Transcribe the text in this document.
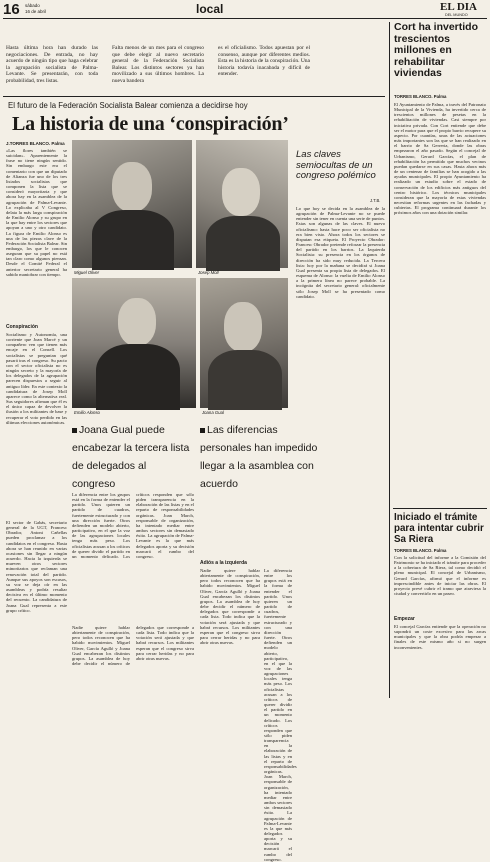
16 sábado
16 de abril	local	EL DIA
DEL MUNDO
Hasta última hora han durado las negociaciones. De entrada, no hay acuerdo de ningún tipo que haga celebrar la agrupación socialista de Palma-Levante. Se presentarán, con toda probabilidad, tres listas.
Falta menos de un mes para el congreso que debe elegir al nuevo secretario general de la Federación Socialista Balear. Los distintos sectores ya han movilizado a sus últimos hombres. La nueva bandera
es el oficialismo. Todos apuestan por el consenso, aunque por diferentes medios. Esta es la historia de la conspiración. Una historia todavía inacabada y difícil de entender.
El futuro de la Federación Socialista Balear comienza a decidirse hoy
La historia de una ‘conspiración’
J.TORRES BLANCO. Palma
«Las flores también se suicidan». Aparentemente la frase no tiene ningún sentido. Sin embargo este era el comentario con que un diputado de Alianza fue uno de los tres lisiados socialistas que componen la lista que se consideró mayoritaria y que ahora hay en la asamblea de la agrupación de Palma-Levante. Lo explicaba al V Congreso, delata la más larga conspiración de Emilio Alonso y su grupo en la que hay entre los sectores que apoyan a uno y otro candidato. La figura de Emilio Alonso es una de las piezas clave de la Federación Socialista Balear. Sin embargo, los que le conocen aseguran que su papel no está tan claro como algunos piensan. Desde el Comité Federal el anterior secretario general ha sabido maniobrar con tiempo.
Conspiración
Socialismo y Autonomía, una corriente que Joan Marcé y un compañero ven que tienen más encaje en el Consell. Los socialistas se preguntan qué pasará tras el congreso. Su pacto con el sector oficialista no es ningún secreto y la mayoría de los delegados de la agrupación parecen dispuestos a seguir al antiguo líder. En este contexto la candidatura de Josep Moll aparece como la alternativa real. Sus seguidores afirman que él es el único capaz de devolver la ilusión a los militantes de base y recuperar el voto perdido en las últimas elecciones autonómicas.
El sector de Gabás, secretario general de la UGT, Francesc Obrador, Antoni Cañellas pueden proclamar a los candidatos en el congreso. Hasta ahora se han reunido en varias ocasiones sin llegar a ningún acuerdo. Hacia la izquierda se mueven otros sectores minoritarios que reclaman una renovación total del partido. Aunque sus apoyos son escasos, su voz se deja oír en las asambleas y podría resultar decisiva en el último momento del recuento. La candidatura de Joana Gual representa a este grupo crítico.
Miguel Oliver	Josep Moll
Emilio Alonso	Joana Gual
Joana Gual puede encabezar la tercera lista de delegados al congreso
Las diferencias personales han impedido llegar a la asamblea con acuerdo
La diferencia entre los grupos está en la forma de entender el partido. Unos quieren un partido de cuadros, fuertemente estructurado y con una dirección fuerte. Otros defienden un modelo abierto, participativo, en el que la voz de las agrupaciones locales tenga más peso. Los oficialistas acusan a los críticos de querer dividir el partido en un momento delicado. Los críticos responden que sólo piden transparencia en la elaboración de las listas y en el reparto de responsabilidades orgánicas. Joan March, responsable de organización, ha intentado mediar entre ambos sectores sin demasiado éxito. La agrupación de Palma-Levante es la que más delegados aporta y su decisión marcará el rumbo del congreso.
Adiós a la izquierda
Nadie quiere hablar abiertamente de conspiración, pero todos reconocen que ha habido movimientos. Miguel Oliver, García Agulló y Joana Gual encabezan los distintos grupos. La asamblea de hoy debe decidir el número de delegados que corresponde a cada lista. Todo indica que la votación será ajustada y que habrá recursos. Los militantes esperan que el congreso sirva para cerrar heridas y no para abrir otras nuevas.
Nadie quiere hablar abiertamente de conspiración, pero todos reconocen que ha habido movimientos. Miguel Oliver, García Agulló y Joana Gual encabezan los distintos grupos. La asamblea de hoy debe decidir el número de delegados que corresponde a cada lista. Todo indica que la votación será ajustada y que habrá recursos. Los militantes esperan que el congreso sirva para cerrar heridas y no para abrir otras nuevas.
Las claves semiocultas de un congreso polémico
J.T.B.
Lo que hoy se decida en la asamblea de la agrupación de Palma-Levante no se puede entender sin tener en cuenta una serie de puntos. Estas son algunas de las claves. El nuevo oficialismo: hasta hace poco ser oficialista no era bien visto. Ahora todos los sectores se disputan esa etiqueta. El Proyecto Obrador: Francesc Obrador pretende reforzar la presencia del partido en los barrios. La Izquierda Socialista: su presencia en los órganos de dirección ha sido muy reducida. La Tercera lista: hoy por la mañana se decidirá si Joana Gual presenta su propia lista de delegados. El esquema de Alonso: la vuelta de Emilio Alonso a la primera línea no parece probable. La incógnita del secretario general: oficialmente sólo Josep Moll se ha presentado como candidato.
La diferencia entre los grupos está en la forma de entender el partido. Unos quieren un partido de cuadros, fuertemente estructurado y con una dirección fuerte. Otros defienden un modelo abierto, participativo, en el que la voz de las agrupaciones locales tenga más peso. Los oficialistas acusan a los críticos de querer dividir el partido en un momento delicado. Los críticos responden que sólo piden transparencia en la elaboración de las listas y en el reparto de responsabilidades orgánicas. Joan March, responsable de organización, ha intentado mediar entre ambos sectores sin demasiado éxito. La agrupación de Palma-Levante es la que más delegados aporta y su decisión marcará el rumbo del congreso.
Cort ha invertido trescientos millones en rehabilitar viviendas
TORRES BLANCO. Palma
El Ayuntamiento de Palma, a través del Patronato Municipal de la Vivienda, ha invertido cerca de trescientos millones de pesetas en la rehabilitación de viviendas. Casi siempre por iniciativa privada. Con Cort entiende que debe ser el motor para que el propio barrio recupere su aspecto. Por cuantías, unas de las actuaciones más importantes son las que se han realizado en el barrio de Sa Gerreria, donde las obras empezaron el año pasado. Según el concejal de Urbanismo, Gerard Garcías, el plan de rehabilitación ha permitido que muchos vecinos puedan quedarse en sus casas. Hasta ahora más de un centenar de familias se han acogido a las ayudas municipales. El propio Ayuntamiento ha realizado un estudio sobre el estado de conservación de los edificios más antiguos del centro histórico. Los técnicos municipales consideran que la mayoría de estas viviendas necesitan reformas urgentes en las fachadas y cubiertas. El programa continuará durante los próximos años con una dotación similar.
Iniciado el trámite para intentar cubrir Sa Riera
TORRES BLANCO. Palma
Con la solicitud del informe a la Comisión del Patrimonio se ha iniciado el trámite para proceder a la cobertura de Sa Riera, tal como decidió el pleno municipal. El concejal de Urbanismo, Gerard Garcías, afirmó que el informe es imprescindible antes de iniciar las obras. El proyecto prevé cubrir el tramo que atraviesa la ciudad y convertirlo en un paseo.
Empezar
El concejal Garcías entiende que la operación no supondrá un coste excesivo para las arcas municipales y que la obra podría empezar a finales de este mismo año si no surgen inconvenientes.
